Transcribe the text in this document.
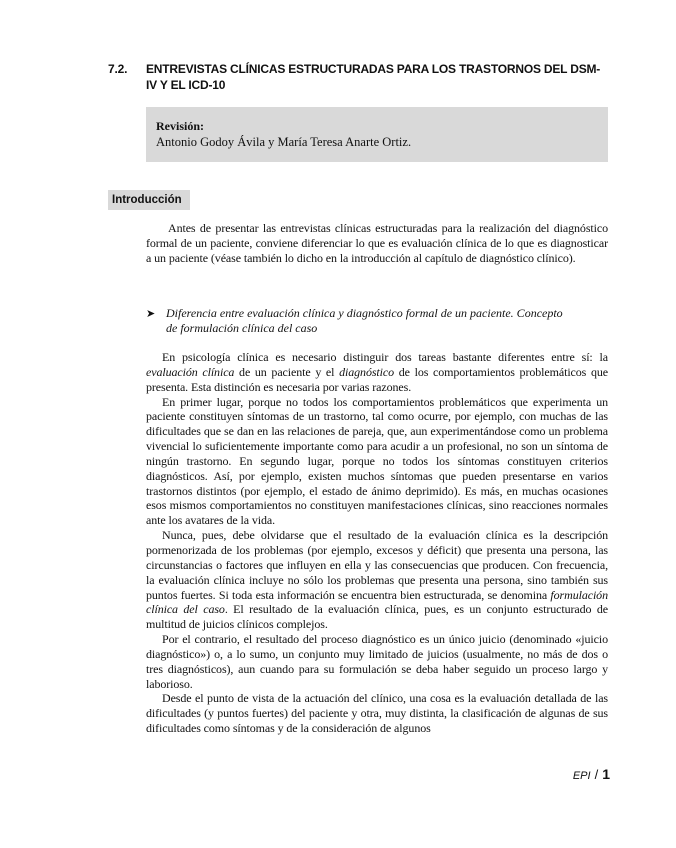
7.2. ENTREVISTAS CLÍNICAS ESTRUCTURADAS PARA LOS TRASTORNOS DEL DSM-IV Y EL ICD-10
Revisión:
Antonio Godoy Ávila y María Teresa Anarte Ortiz.
Introducción
Antes de presentar las entrevistas clínicas estructuradas para la realización del diagnóstico formal de un paciente, conviene diferenciar lo que es evaluación clínica de lo que es diagnosticar a un paciente (véase también lo dicho en la introducción al capítulo de diagnóstico clínico).
➤ Diferencia entre evaluación clínica y diagnóstico formal de un paciente. Concepto
de formulación clínica del caso

En psicología clínica es necesario distinguir dos tareas bastante diferentes entre sí: la evaluación clínica de un paciente y el diagnóstico de los comportamientos problemáticos que presenta. Esta distinción es necesaria por varias razones.

En primer lugar, porque no todos los comportamientos problemáticos que experimenta un paciente constituyen síntomas de un trastorno, tal como ocurre, por ejemplo, con muchas de las dificultades que se dan en las relaciones de pareja, que, aun experimentándose como un problema vivencial lo suficientemente importante como para acudir a un profesional, no son un síntoma de ningún trastorno. En segundo lugar, porque no todos los síntomas constituyen criterios diagnósticos. Así, por ejemplo, existen muchos síntomas que pueden presentarse en varios trastornos distintos (por ejemplo, el estado de ánimo deprimido). Es más, en muchas ocasiones esos mismos comportamientos no constituyen manifestaciones clínicas, sino reacciones normales ante los avatares de la vida.

Nunca, pues, debe olvidarse que el resultado de la evaluación clínica es la descripción pormenorizada de los problemas (por ejemplo, excesos y déficit) que presenta una persona, las circunstancias o factores que influyen en ella y las consecuencias que producen. Con frecuencia, la evaluación clínica incluye no sólo los problemas que presenta una persona, sino también sus puntos fuertes. Si toda esta información se encuentra bien estructurada, se denomina formulación clínica del caso. El resultado de la evaluación clínica, pues, es un conjunto estructurado de multitud de juicios clínicos complejos.

Por el contrario, el resultado del proceso diagnóstico es un único juicio (denominado «juicio diagnóstico») o, a lo sumo, un conjunto muy limitado de juicios (usualmente, no más de dos o tres diagnósticos), aun cuando para su formulación se deba haber seguido un proceso largo y laborioso.

Desde el punto de vista de la actuación del clínico, una cosa es la evaluación detallada de las dificultades (y puntos fuertes) del paciente y otra, muy distinta, la clasificación de algunas de sus dificultades como síntomas y de la consideración de algunos

EPI / 1
